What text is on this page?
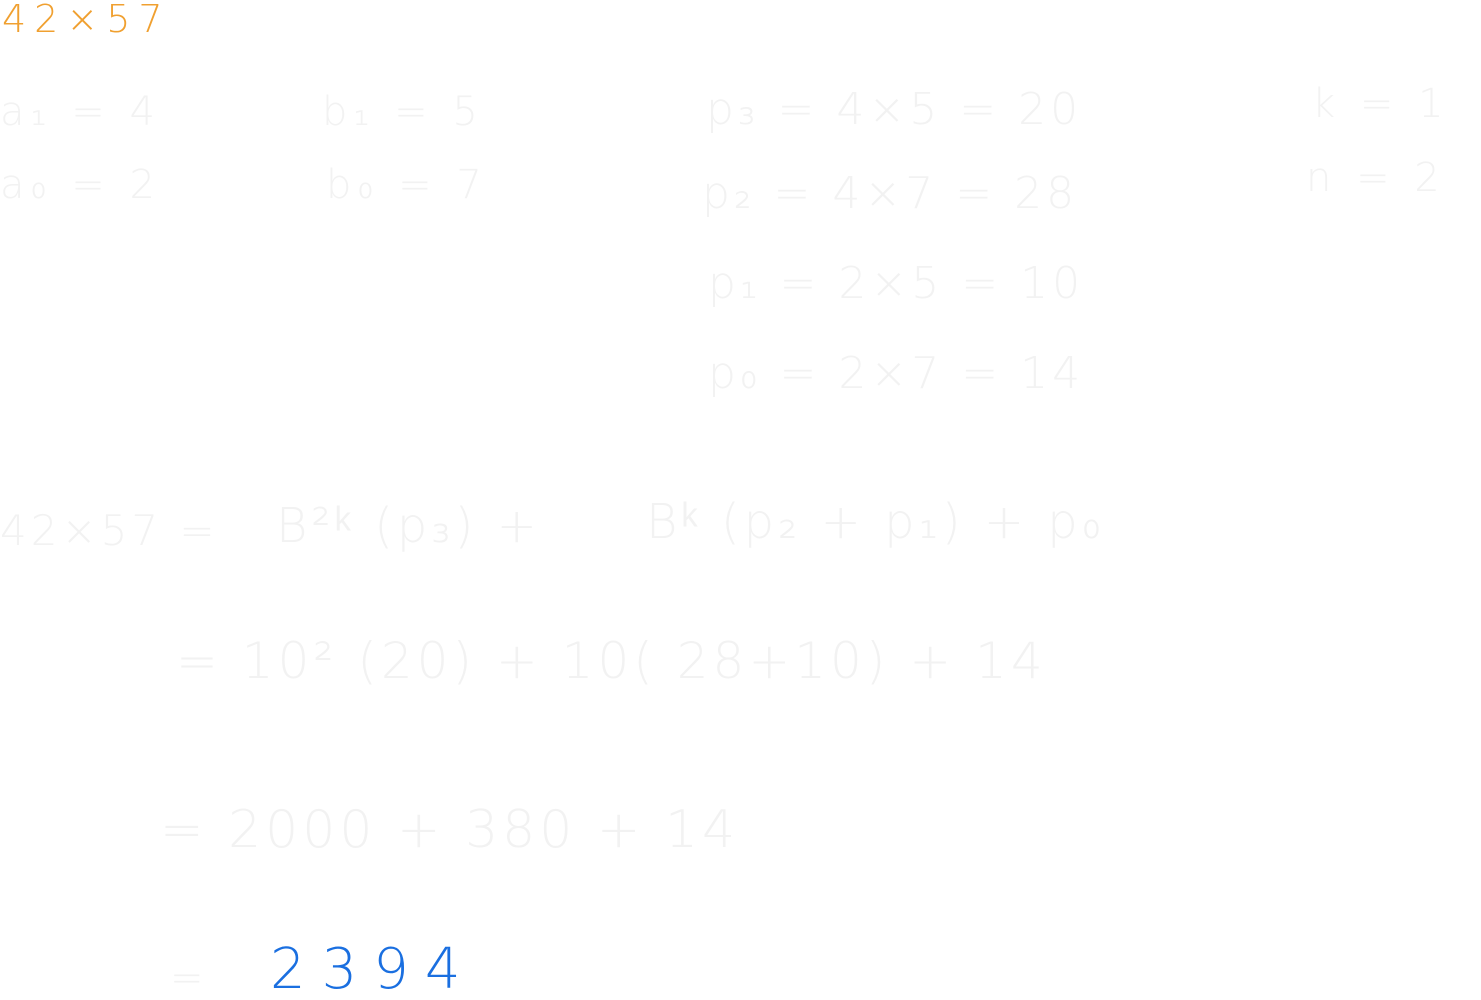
42×57
a₁ = 4
a₀ = 2
b₁ = 5
b₀ = 7
k = 1
n = 2
p₃ = 4×5 = 20
p₂ = 4×7 = 28
p₁ = 2×5 = 10
p₀ = 2×7 = 14
42×57 = B²ᵏ (p₃) + Bᵏ (p₂ + p₁) + p₀
= 10² (20) + 10( 28+10) + 14
= 2000 + 380 + 14
= 2394
